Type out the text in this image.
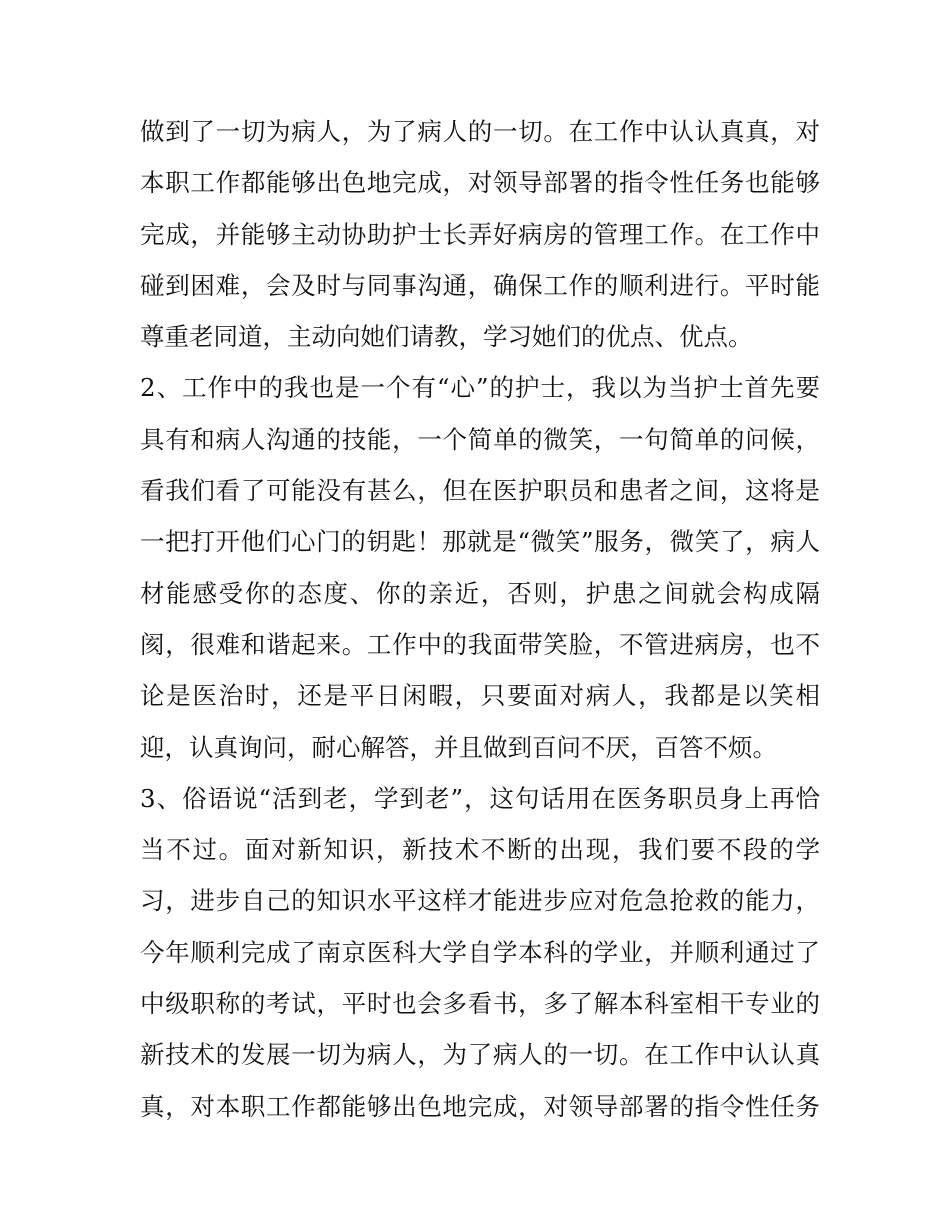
做到了一切为病人，为了病人的一切。在工作中认认真真，对
本职工作都能够出色地完成，对领导部署的指令性任务也能够
完成，并能够主动协助护士长弄好病房的管理工作。在工作中
碰到困难，会及时与同事沟通，确保工作的顺利进行。平时能
尊重老同道，主动向她们请教，学习她们的优点、优点。
2、工作中的我也是一个有“心”的护士，我以为当护士首先要
具有和病人沟通的技能，一个简单的微笑，一句简单的问候，
看我们看了可能没有甚么，但在医护职员和患者之间，这将是
一把打开他们心门的钥匙！那就是“微笑”服务，微笑了，病人
材能感受你的态度、你的亲近，否则，护患之间就会构成隔
阂，很难和谐起来。工作中的我面带笑脸，不管进病房，也不
论是医治时，还是平日闲暇，只要面对病人，我都是以笑相
迎，认真询问，耐心解答，并且做到百问不厌，百答不烦。
3、俗语说“活到老，学到老”，这句话用在医务职员身上再恰
当不过。面对新知识，新技术不断的出现，我们要不段的学
习，进步自己的知识水平这样才能进步应对危急抢救的能力，
今年顺利完成了南京医科大学自学本科的学业，并顺利通过了
中级职称的考试，平时也会多看书，多了解本科室相干专业的
新技术的发展一切为病人，为了病人的一切。在工作中认认真
真，对本职工作都能够出色地完成，对领导部署的指令性任务
